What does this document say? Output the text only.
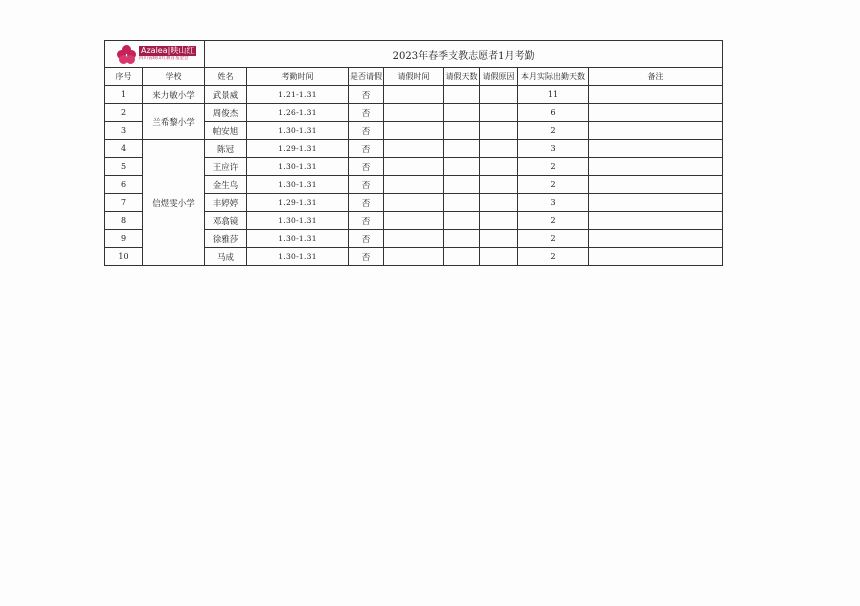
Azalea|映山红
四川省映山红教育基金会		2023年春季支教志愿者1月考勤							
序号	学校	姓名	考勤时间	是否请假	请假时间	请假天数	请假原因	本月实际出勤天数	备注
1	来力敏小学	武景威	1.21-1.31	否				11	
2	兰希黎小学	周俊杰	1.26-1.31	否				6	
3		帕安旭	1.30-1.31	否				2	
4	信煜雯小学	陈冠	1.29-1.31	否				3	
5		王应许	1.30-1.31	否				2	
6		金生鸟	1.30-1.31	否				2	
7		丰婷婷	1.29-1.31	否				3	
8		邓翕镜	1.30-1.31	否				2	
9		徐雅莎	1.30-1.31	否				2	
10		马成	1.30-1.31	否				2	
